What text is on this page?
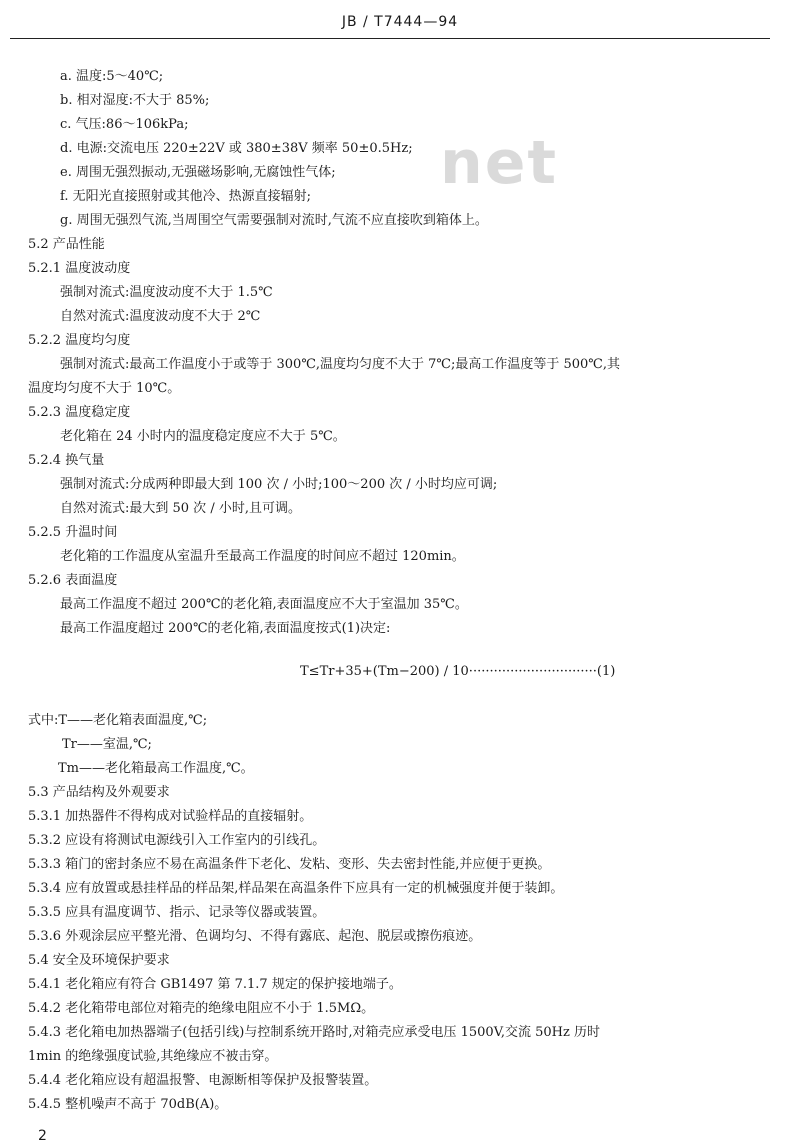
JB / T7444—94
net
a. 温度:5～40℃;
b. 相对湿度:不大于 85%;
c. 气压:86～106kPa;
d. 电源:交流电压 220±22V 或 380±38V 频率 50±0.5Hz;
e. 周围无强烈振动,无强磁场影响,无腐蚀性气体;
f. 无阳光直接照射或其他冷、热源直接辐射;
g. 周围无强烈气流,当周围空气需要强制对流时,气流不应直接吹到箱体上。
5.2 产品性能
5.2.1 温度波动度
强制对流式:温度波动度不大于 1.5℃
自然对流式:温度波动度不大于 2℃
5.2.2 温度均匀度
强制对流式:最高工作温度小于或等于 300℃,温度均匀度不大于 7℃;最高工作温度等于 500℃,其
温度均匀度不大于 10℃。
5.2.3 温度稳定度
老化箱在 24 小时内的温度稳定度应不大于 5℃。
5.2.4 换气量
强制对流式:分成两种即最大到 100 次 / 小时;100～200 次 / 小时均应可调;
自然对流式:最大到 50 次 / 小时,且可调。
5.2.5 升温时间
老化箱的工作温度从室温升至最高工作温度的时间应不超过 120min。
5.2.6 表面温度
最高工作温度不超过 200℃的老化箱,表面温度应不大于室温加 35℃。
最高工作温度超过 200℃的老化箱,表面温度按式(1)决定:
T≤Tr+35+(Tm−200) / 10·······························(1)
式中:T——老化箱表面温度,℃;
Tr——室温,℃;
Tm——老化箱最高工作温度,℃。
5.3 产品结构及外观要求
5.3.1 加热器件不得构成对试验样品的直接辐射。
5.3.2 应设有将测试电源线引入工作室内的引线孔。
5.3.3 箱门的密封条应不易在高温条件下老化、发粘、变形、失去密封性能,并应便于更换。
5.3.4 应有放置或悬挂样品的样品架,样品架在高温条件下应具有一定的机械强度并便于装卸。
5.3.5 应具有温度调节、指示、记录等仪器或装置。
5.3.6 外观涂层应平整光滑、色调均匀、不得有露底、起泡、脱层或擦伤痕迹。
5.4 安全及环境保护要求
5.4.1 老化箱应有符合 GB1497 第 7.1.7 规定的保护接地端子。
5.4.2 老化箱带电部位对箱壳的绝缘电阻应不小于 1.5MΩ。
5.4.3 老化箱电加热器端子(包括引线)与控制系统开路时,对箱壳应承受电压 1500V,交流 50Hz 历时
1min 的绝缘强度试验,其绝缘应不被击穿。
5.4.4 老化箱应设有超温报警、电源断相等保护及报警装置。
5.4.5 整机噪声不高于 70dB(A)。
2
